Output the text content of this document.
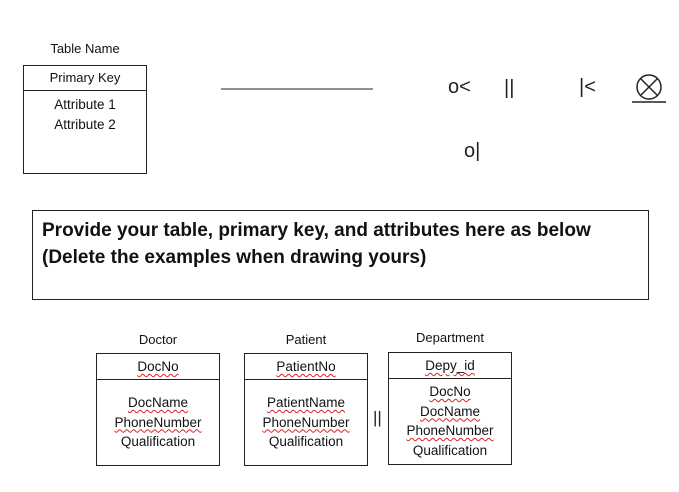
Table Name
Primary Key
Attribute 1
Attribute 2
o< ||	|<
o|
Provide your table, primary key, and attributes here as below
(Delete the examples when drawing yours)
Doctor
DocNo
DocName
PhoneNumber
Qualification
Patient
PatientNo
PatientName
PhoneNumber
Qualification
||
Department
Depy_id
DocNo
DocName
PhoneNumber
Qualification
